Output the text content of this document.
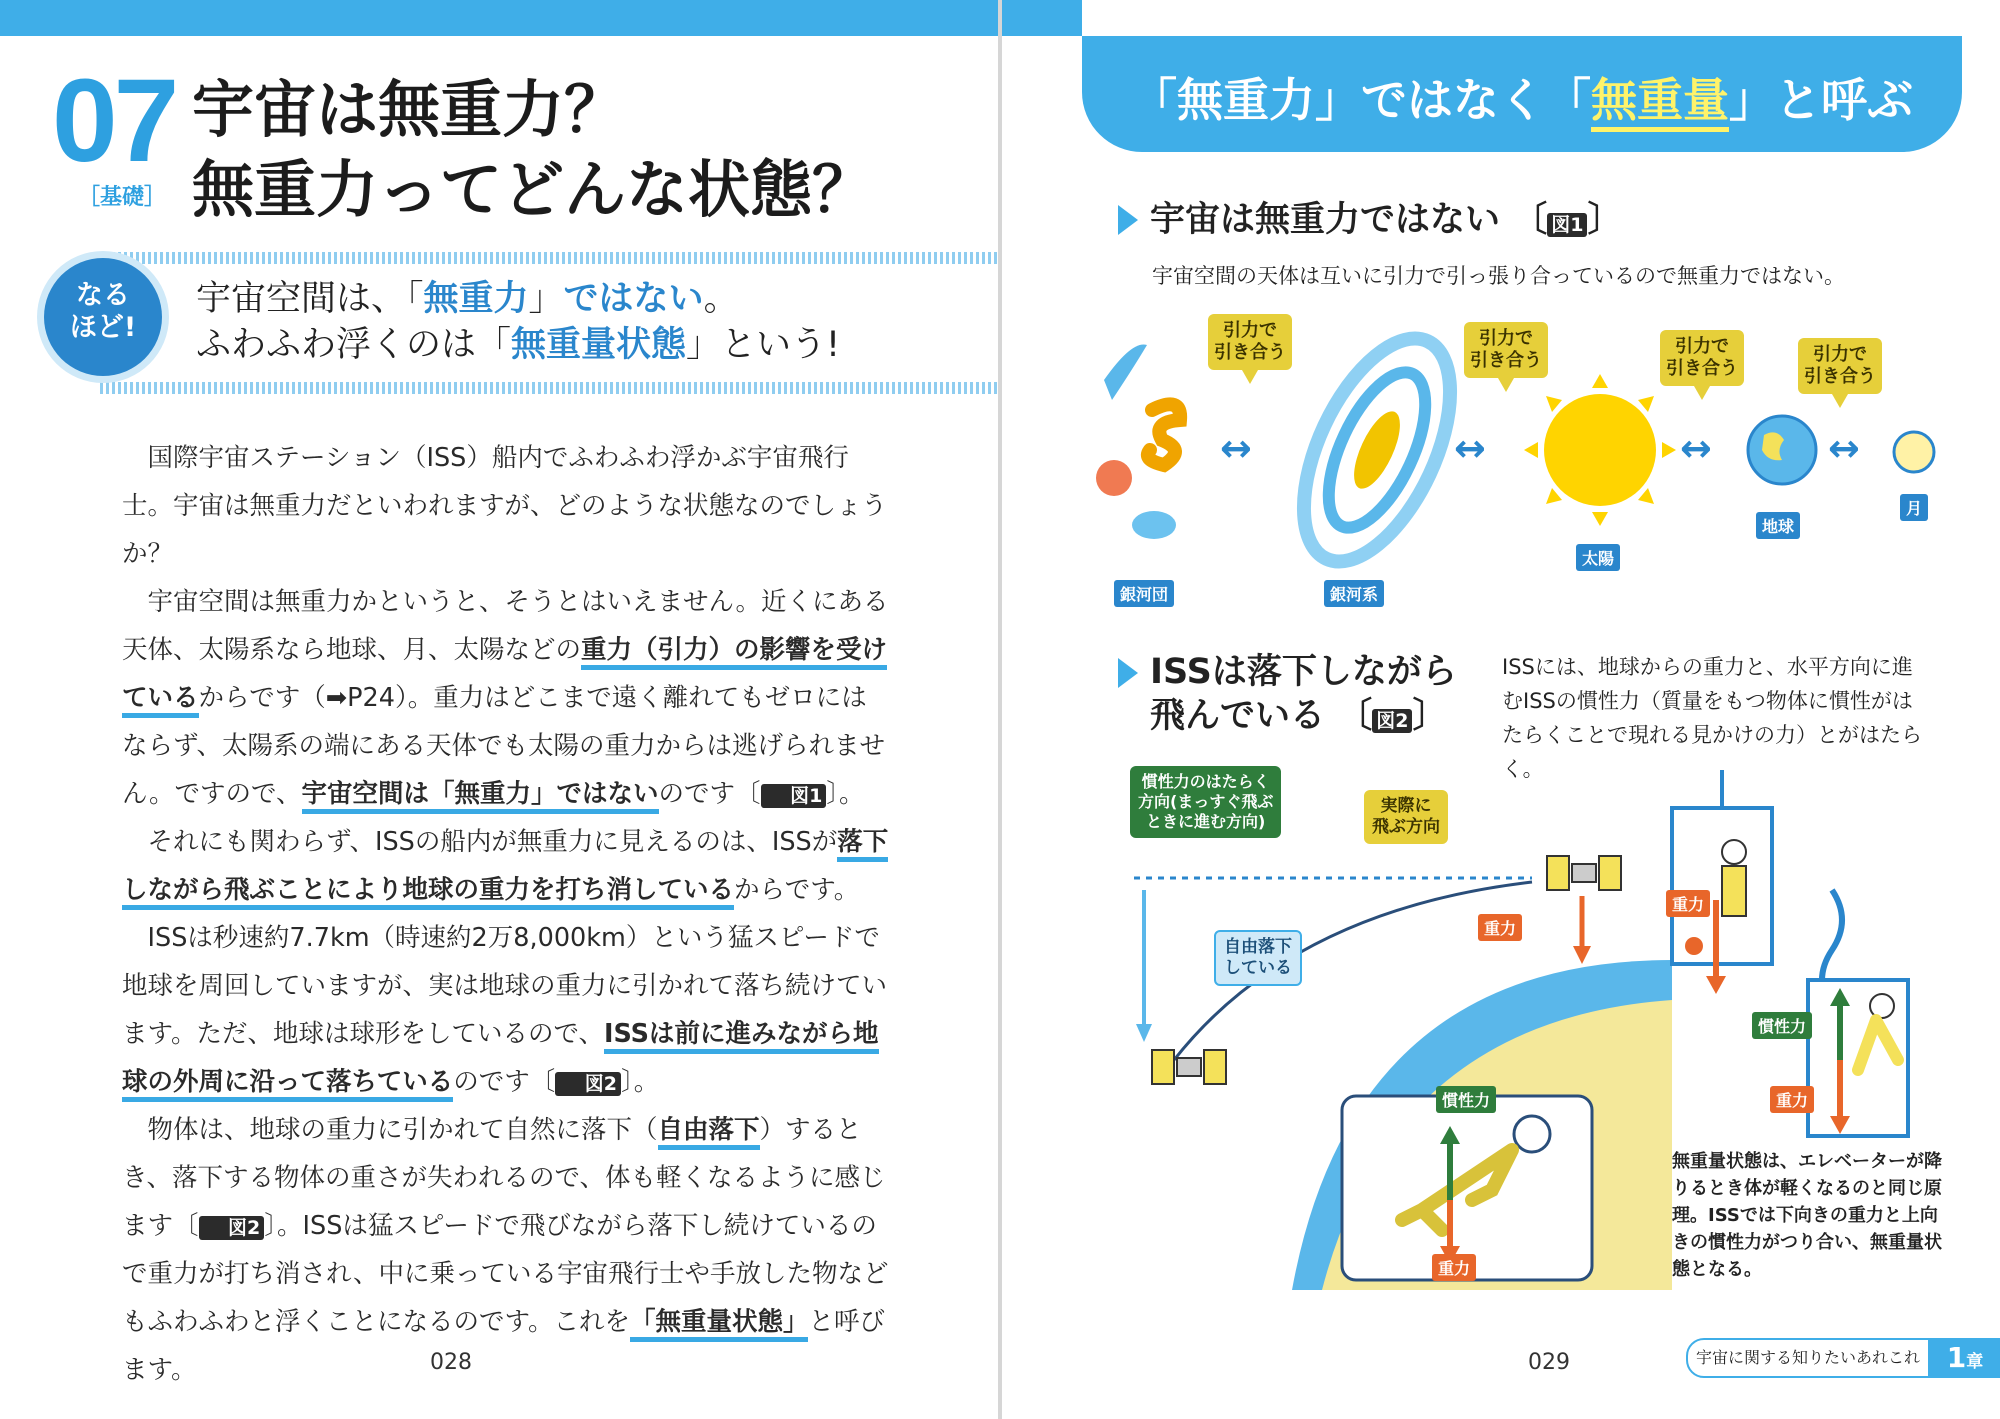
07
［基礎］
宇宙は無重力？
無重力ってどんな状態？
なる
ほど!
宇宙空間は、「無重力」ではない。
ふわふわ浮くのは「無重量状態」という!

国際宇宙ステーション（ISS）船内でふわふわ浮かぶ宇宙飛行士。宇宙は無重力だといわれますが、どのような状態なのでしょうか？

宇宙空間は無重力かというと、そうとはいえません。近くにある天体、太陽系なら地球、月、太陽などの重力（引力）の影響を受けているからです（➡P24）。重力はどこまで遠く離れてもゼロにはならず、太陽系の端にある天体でも太陽の重力からは逃げられません。ですので、宇宙空間は「無重力」ではないのです〔 図1 〕。

それにも関わらず、ISSの船内が無重力に見えるのは、ISSが落下しながら飛ぶことにより地球の重力を打ち消しているからです。

ISSは秒速約7.7km（時速約2万8,000km）という猛スピードで地球を周回していますが、実は地球の重力に引かれて落ち続けています。ただ、地球は球形をしているので、ISSは前に進みながら地球の外周に沿って落ちているのです〔 図2 〕。

物体は、地球の重力に引かれて自然に落下（自由落下）するとき、落下する物体の重さが失われるので、体も軽くなるように感じます〔 図2 〕。ISSは猛スピードで飛びながら落下し続けているので重力が打ち消され、中に乗っている宇宙飛行士や手放した物などもふわふわと浮くことになるのです。これを「無重量状態」と呼びます。	028
「無重力」ではなく「無重量」と呼ぶ
宇宙は無重力ではない 〔 図1 〕
宇宙空間の天体は互いに引力で引っ張り合っているので無重力ではない。
↔	↔	↔	↔
引力で
引き合う
引力で
引き合う
引力で
引き合う
引力で
引き合う
銀河団	銀河系
太陽
地球
月
ISSは落下しながら
飛んでいる 〔 図2 〕
ISSには、地球からの重力と、水平方向に進むISSの慣性力（質量をもつ物体に慣性がはたらくことで現れる見かけの力）とがはたらく。
慣性力のはたらく
方向(まっすぐ飛ぶ
ときに進む方向)
実際に
飛ぶ方向
自由落下
している
重力
慣性力
重力
重力
慣性力
重力
無重量状態は、エレベーターが降りるとき体が軽くなるのと同じ原理。ISSでは下向きの重力と上向きの慣性力がつり合い、無重量状態となる。
029	宇宙に関する知りたいあれこれ 1章
